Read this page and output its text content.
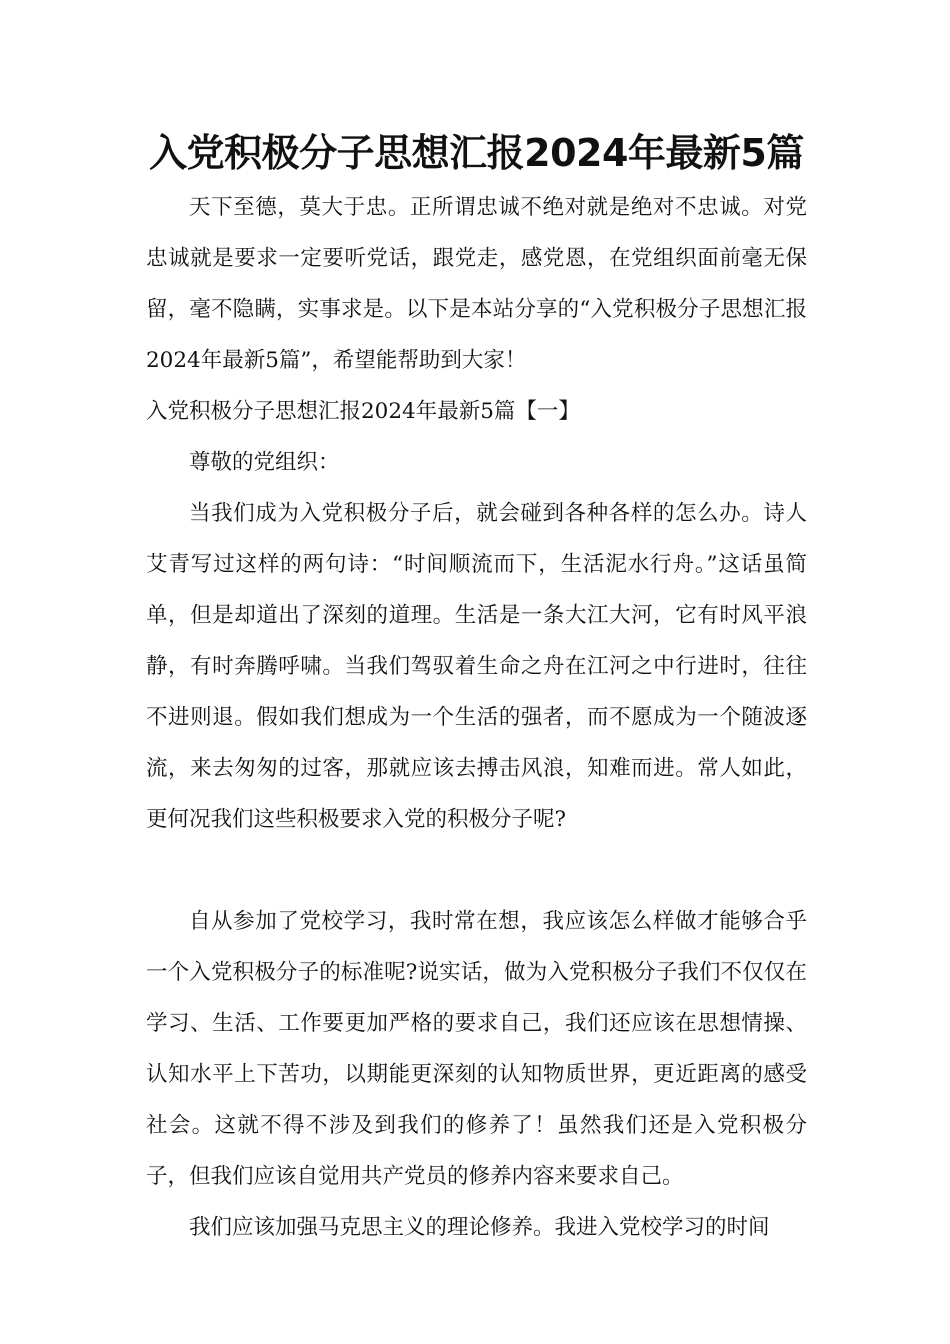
入党积极分子思想汇报2024年最新5篇

天下至德，莫大于忠。正所谓忠诚不绝对就是绝对不忠诚。对党忠诚就是要求一定要听党话，跟党走，感党恩，在党组织面前毫无保留，毫不隐瞒，实事求是。以下是本站分享的“入党积极分子思想汇报2024年最新5篇”，希望能帮助到大家！

入党积极分子思想汇报2024年最新5篇【一】

尊敬的党组织：

当我们成为入党积极分子后，就会碰到各种各样的怎么办。诗人艾青写过这样的两句诗：“时间顺流而下，生活泥水行舟。”这话虽简单，但是却道出了深刻的道理。生活是一条大江大河，它有时风平浪静，有时奔腾呼啸。当我们驾驭着生命之舟在江河之中行进时，往往不进则退。假如我们想成为一个生活的强者，而不愿成为一个随波逐流，来去匆匆的过客，那就应该去搏击风浪，知难而进。常人如此，更何况我们这些积极要求入党的积极分子呢?

自从参加了党校学习，我时常在想，我应该怎么样做才能够合乎一个入党积极分子的标准呢?说实话，做为入党积极分子我们不仅仅在学习、生活、工作要更加严格的要求自己，我们还应该在思想情操、认知水平上下苦功，以期能更深刻的认知物质世界，更近距离的感受社会。这就不得不涉及到我们的修养了！虽然我们还是入党积极分子，但我们应该自觉用共产党员的修养内容来要求自己。

我们应该加强马克思主义的理论修养。我进入党校学习的时间
